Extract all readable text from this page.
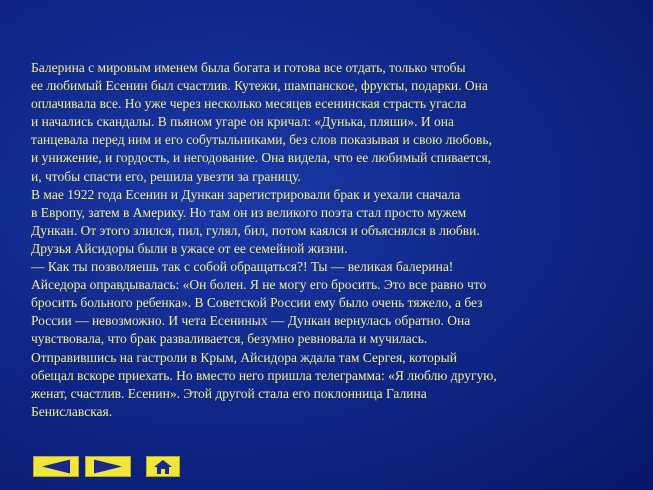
Балерина с мировым именем была богата и готова все отдать, только чтобы
ее любимый Есенин был счастлив. Кутежи, шампанское, фрукты, подарки. Она
оплачивала все. Но уже через несколько месяцев есенинская страсть угасла
и начались скандалы. В пьяном угаре он кричал: «Дунька, пляши». И она
танцевала перед ним и его собутыльниками, без слов показывая и свою любовь,
и унижение, и гордость, и негодование. Она видела, что ее любимый спивается,
и, чтобы спасти его, решила увезти за границу.
В мае 1922 года Есенин и Дункан зарегистрировали брак и уехали сначала
в Европу, затем в Америку. Но там он из великого поэта стал просто мужем
Дункан. От этого злился, пил, гулял, бил, потом каялся и объяснялся в любви.
Друзья Айсидоры были в ужасе от ее семейной жизни.
— Как ты позволяешь так с собой обращаться?! Ты — великая балерина!
Айседора оправдывалась: «Он болен. Я не могу его бросить. Это все равно что
бросить больного ребенка». В Советской России ему было очень тяжело, а без
России — невозможно. И чета Есениных — Дункан вернулась обратно. Она
чувствовала, что брак разваливается, безумно ревновала и мучилась.
Отправившись на гастроли в Крым, Айсидора ждала там Сергея, который
обещал вскоре приехать. Но вместо него пришла телеграмма: «Я люблю другую,
женат, счастлив. Есенин». Этой другой стала его поклонница Галина
Бениславская.
